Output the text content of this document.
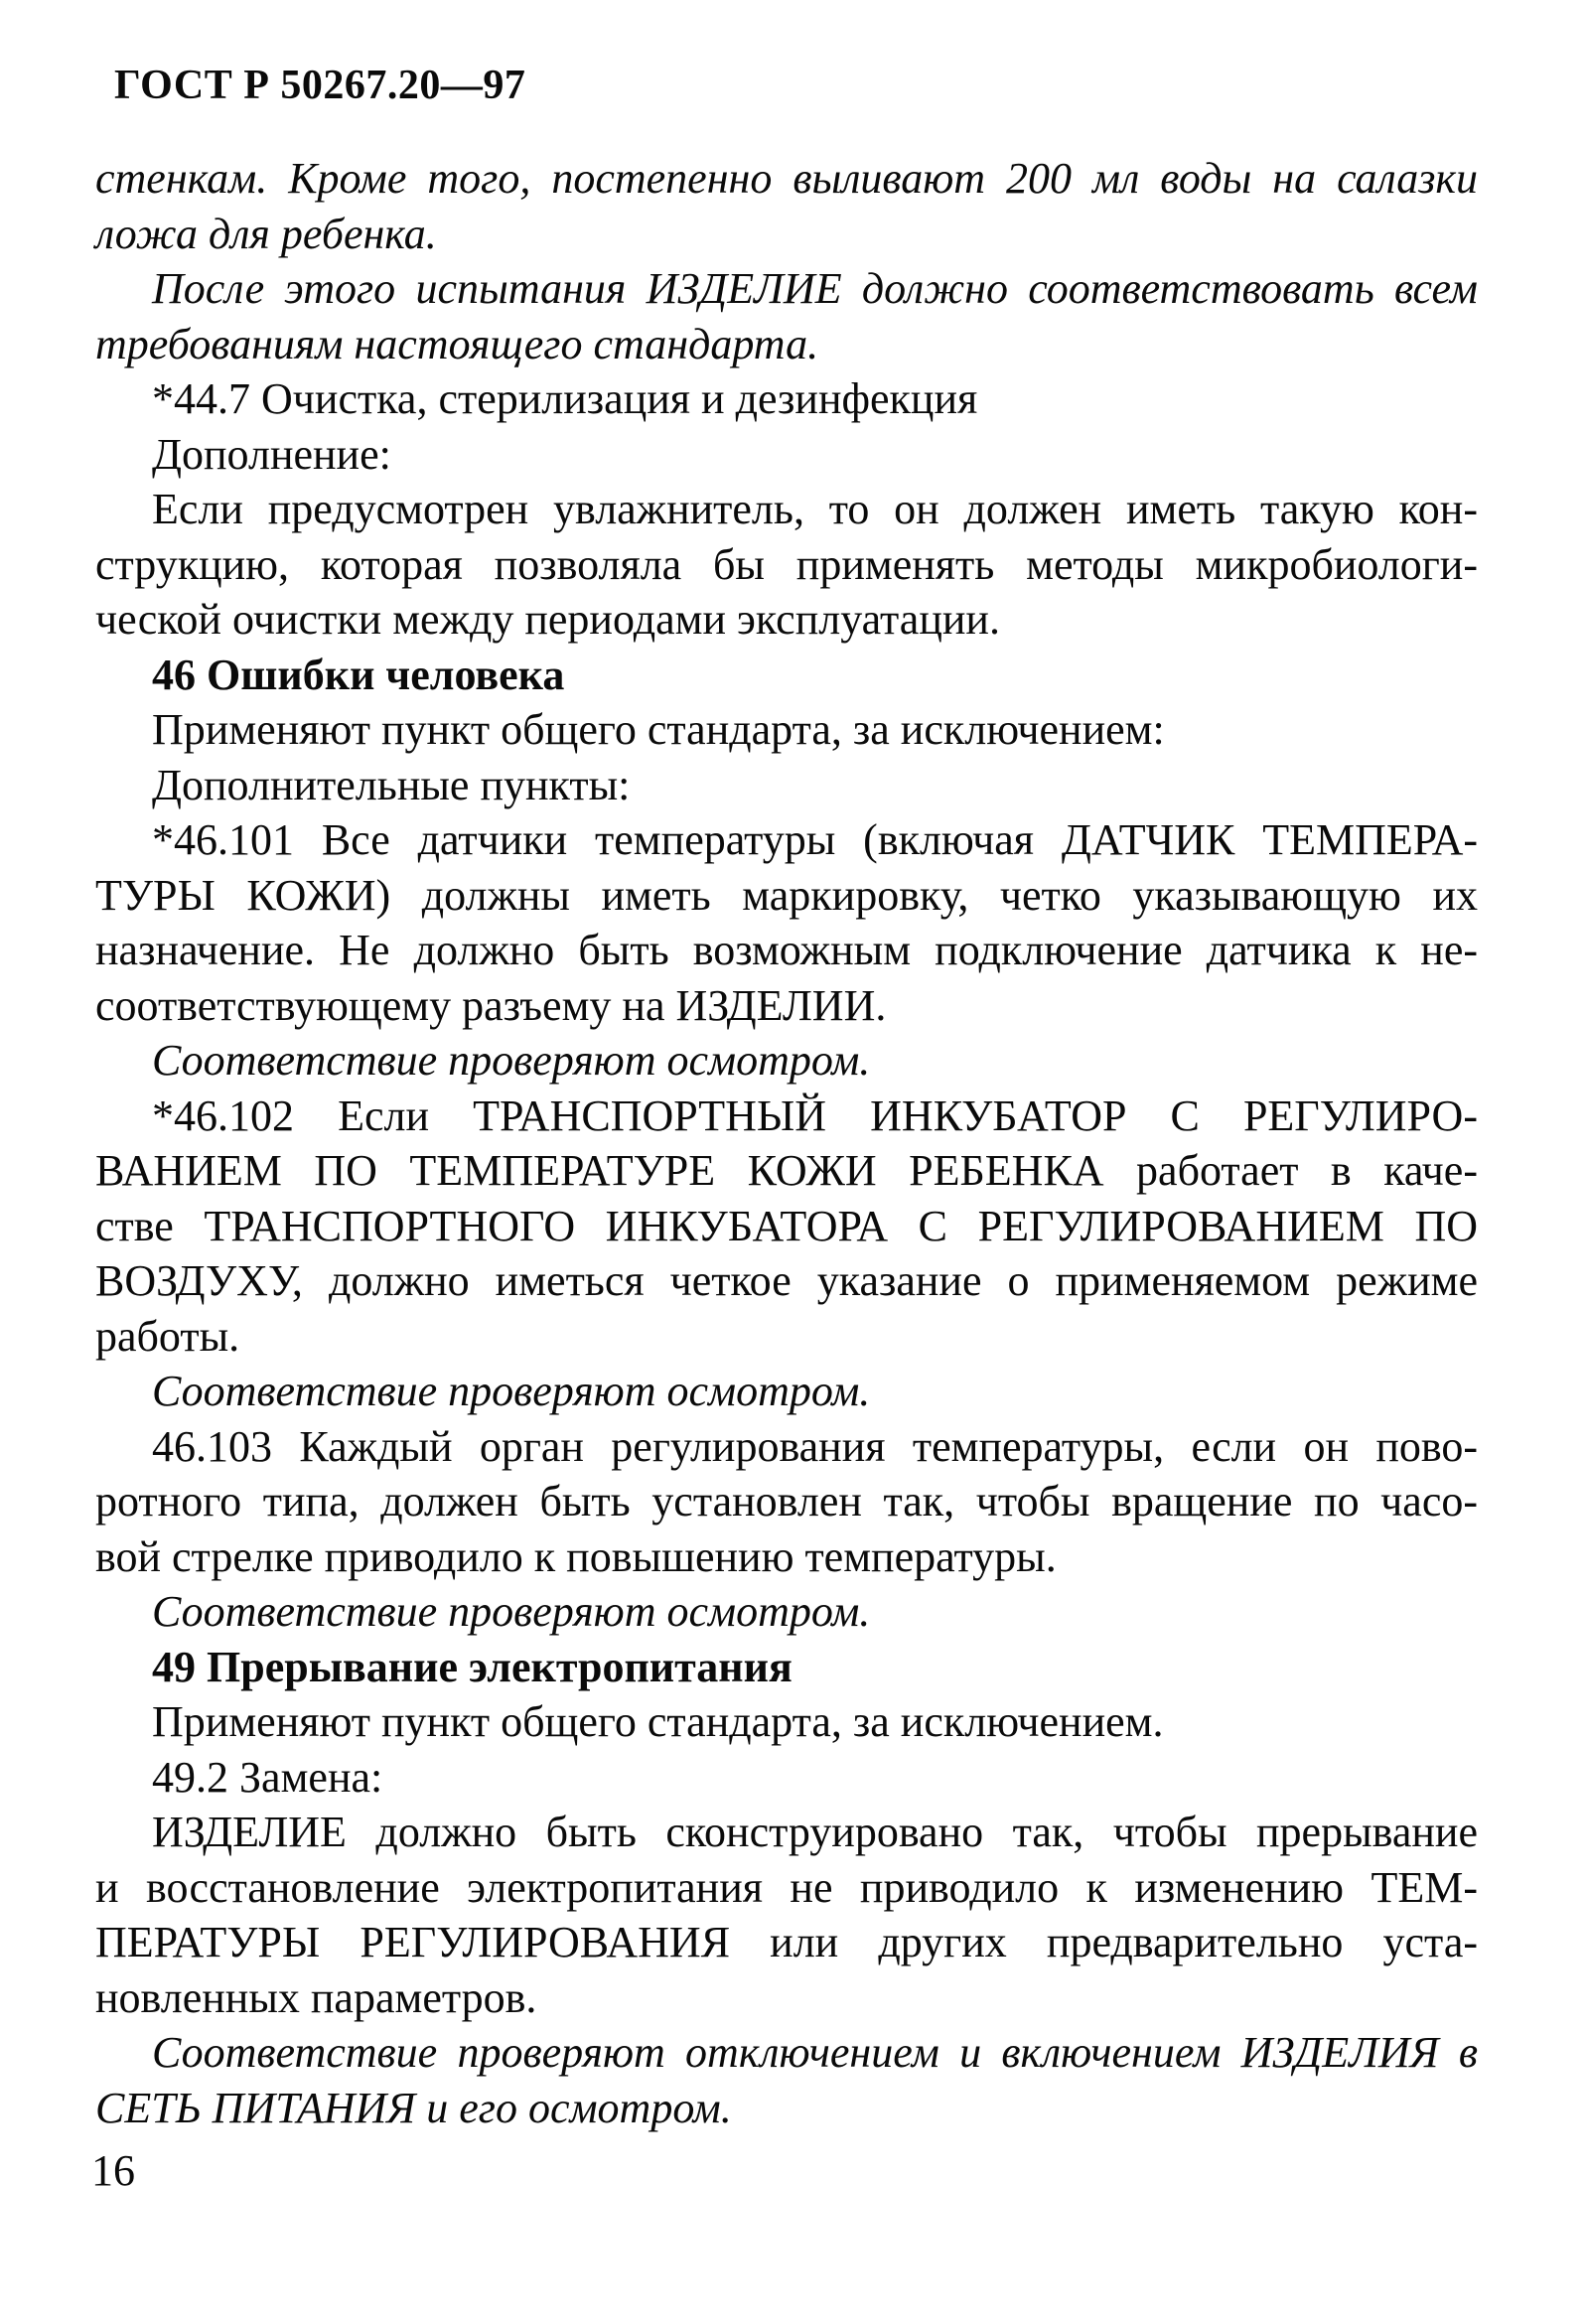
ГОСТ Р 50267.20—97
стенкам. Кроме того, постепенно выливают 200 мл воды на салазки
ложа для ребенка.
После этого испытания ИЗДЕЛИЕ должно соответствовать всем
требованиям настоящего стандарта.
*44.7 Очистка, стерилизация и дезинфекция
Дополнение:
Если предусмотрен увлажнитель, то он должен иметь такую кон-
струкцию, которая позволяла бы применять методы микробиологи-
ческой очистки между периодами эксплуатации.
46 Ошибки человека
Применяют пункт общего стандарта, за исключением:
Дополнительные пункты:
*46.101 Все датчики температуры (включая ДАТЧИК ТЕМПЕРА-
ТУРЫ КОЖИ) должны иметь маркировку, четко указывающую их
назначение. Не должно быть возможным подключение датчика к не-
соответствующему разъему на ИЗДЕЛИИ.
Соответствие проверяют осмотром.
*46.102 Если ТРАНСПОРТНЫЙ ИНКУБАТОР С РЕГУЛИРО-
ВАНИЕМ ПО ТЕМПЕРАТУРЕ КОЖИ РЕБЕНКА работает в каче-
стве ТРАНСПОРТНОГО ИНКУБАТОРА С РЕГУЛИРОВАНИЕМ ПО
ВОЗДУХУ, должно иметься четкое указание о применяемом режиме
работы.
Соответствие проверяют осмотром.
46.103 Каждый орган регулирования температуры, если он пово-
ротного типа, должен быть установлен так, чтобы вращение по часо-
вой стрелке приводило к повышению температуры.
Соответствие проверяют осмотром.
49 Прерывание электропитания
Применяют пункт общего стандарта, за исключением.
49.2 Замена:
ИЗДЕЛИЕ должно быть сконструировано так, чтобы прерывание
и восстановление электропитания не приводило к изменению ТЕМ-
ПЕРАТУРЫ РЕГУЛИРОВАНИЯ или других предварительно уста-
новленных параметров.
Соответствие проверяют отключением и включением ИЗДЕЛИЯ в
СЕТЬ ПИТАНИЯ и его осмотром.
16
